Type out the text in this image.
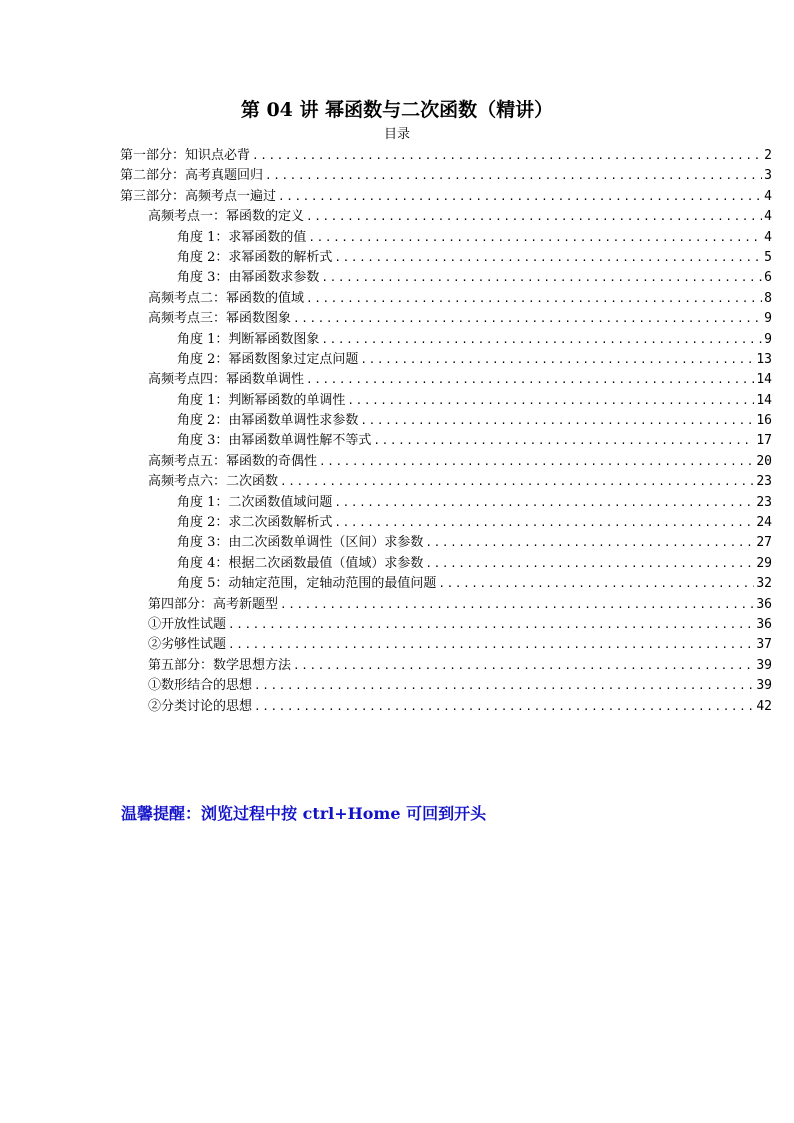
第 04 讲 幂函数与二次函数（精讲）
目录
第一部分：知识点必背 .....	2
第二部分：高考真题回归 .....	3
第三部分：高频考点一遍过 .....	4
高频考点一：幂函数的定义 .....	4
角度 1：求幂函数的值 .....	4
角度 2：求幂函数的解析式 .....	5
角度 3：由幂函数求参数 .....	6
高频考点二：幂函数的值域 .....	8
高频考点三：幂函数图象 .....	9
角度 1：判断幂函数图象 .....	9
角度 2：幂函数图象过定点问题 .....	13
高频考点四：幂函数单调性 .....	14
角度 1：判断幂函数的单调性 .....	14
角度 2：由幂函数单调性求参数 .....	16
角度 3：由幂函数单调性解不等式 .....	17
高频考点五：幂函数的奇偶性 .....	20
高频考点六：二次函数 .....	23
角度 1：二次函数值域问题 .....	23
角度 2：求二次函数解析式 .....	24
角度 3：由二次函数单调性（区间）求参数 .....	27
角度 4：根据二次函数最值（值域）求参数 .....	29
角度 5：动轴定范围，定轴动范围的最值问题 .....	32
第四部分：高考新题型 .....	36
①开放性试题 .....	36
②劣够性试题 .....	37
第五部分：数学思想方法 .....	39
①数形结合的思想 .....	39
②分类讨论的思想 .....	42
温馨提醒：浏览过程中按 ctrl+Home 可回到开头
